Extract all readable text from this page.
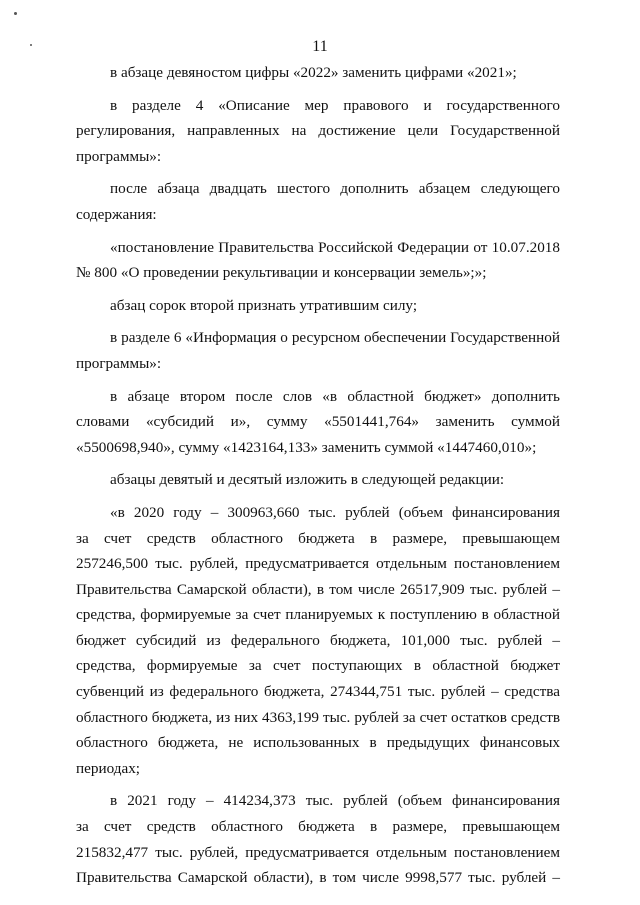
11
в абзаце девяностом цифры «2022» заменить цифрами «2021»;
в разделе 4 «Описание мер правового и государственного
регулирования, направленных на достижение цели Государственной
программы»:
после абзаца двадцать шестого дополнить абзацем следующего
содержания:
«постановление Правительства Российской Федерации от 10.07.2018
№ 800 «О проведении рекультивации и консервации земель»;»;
абзац сорок второй признать утратившим силу;
в разделе 6 «Информация о ресурсном обеспечении Государственной
программы»:
в абзаце втором после слов «в областной бюджет» дополнить
словами «субсидий и», сумму «5501441,764» заменить суммой
«5500698,940», сумму «1423164,133» заменить суммой «1447460,010»;
абзацы девятый и десятый изложить в следующей редакции:
«в 2020 году – 300963,660 тыс. рублей (объем финансирования
за счет средств областного бюджета в размере, превышающем
257246,500 тыс. рублей, предусматривается отдельным постановлением
Правительства Самарской области), в том числе 26517,909 тыс. рублей –
средства, формируемые за счет планируемых к поступлению в областной
бюджет субсидий из федерального бюджета, 101,000 тыс. рублей –
средства, формируемые за счет поступающих в областной бюджет
субвенций из федерального бюджета, 274344,751 тыс. рублей – средства
областного бюджета, из них 4363,199 тыс. рублей за счет остатков средств
областного бюджета, не использованных в предыдущих финансовых
периодах;
в 2021 году – 414234,373 тыс. рублей (объем финансирования
за счет средств областного бюджета в размере, превышающем
215832,477 тыс. рублей, предусматривается отдельным постановлением
Правительства Самарской области), в том числе 9998,577 тыс. рублей –
